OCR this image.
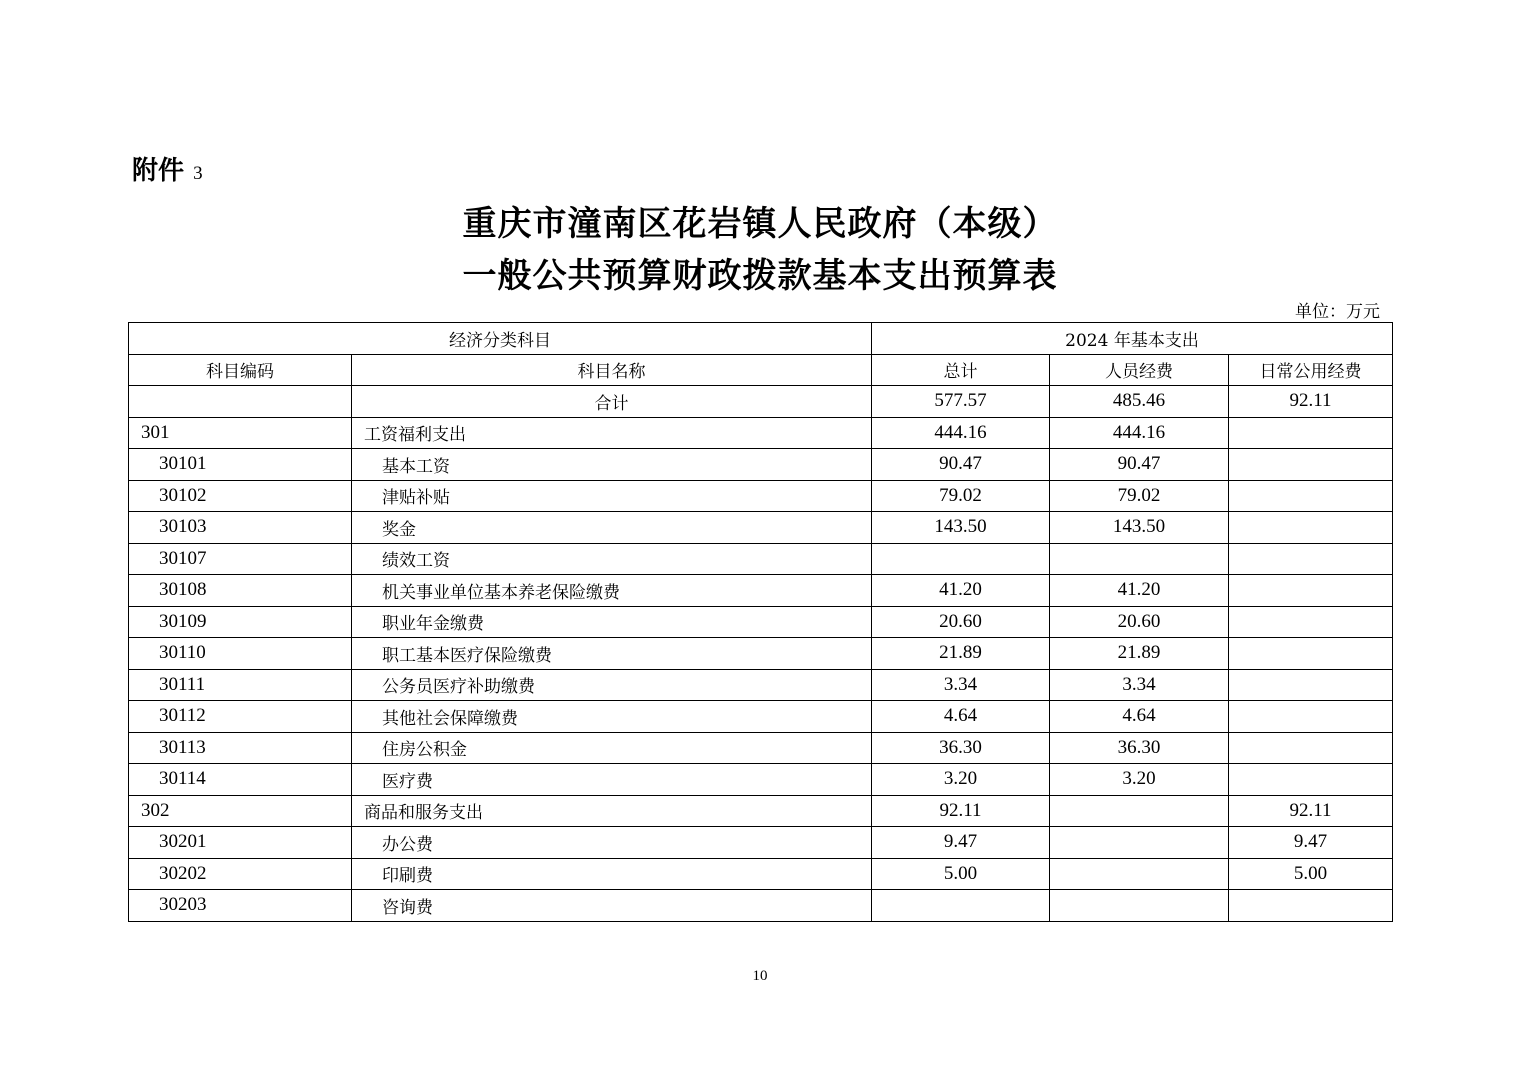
附件 3
重庆市潼南区花岩镇人民政府（本级）
一般公共预算财政拨款基本支出预算表
单位：万元
经济分类科目		2024 年基本支出		
科目编码	科目名称	总计	人员经费	日常公用经费
	合计	577.57	485.46	92.11
301	工资福利支出	444.16	444.16	
30101	基本工资	90.47	90.47	
30102	津贴补贴	79.02	79.02	
30103	奖金	143.50	143.50	
30107	绩效工资			
30108	机关事业单位基本养老保险缴费	41.20	41.20	
30109	职业年金缴费	20.60	20.60	
30110	职工基本医疗保险缴费	21.89	21.89	
30111	公务员医疗补助缴费	3.34	3.34	
30112	其他社会保障缴费	4.64	4.64	
30113	住房公积金	36.30	36.30	
30114	医疗费	3.20	3.20	
302	商品和服务支出	92.11		92.11
30201	办公费	9.47		9.47
30202	印刷费	5.00		5.00
30203	咨询费			
10
